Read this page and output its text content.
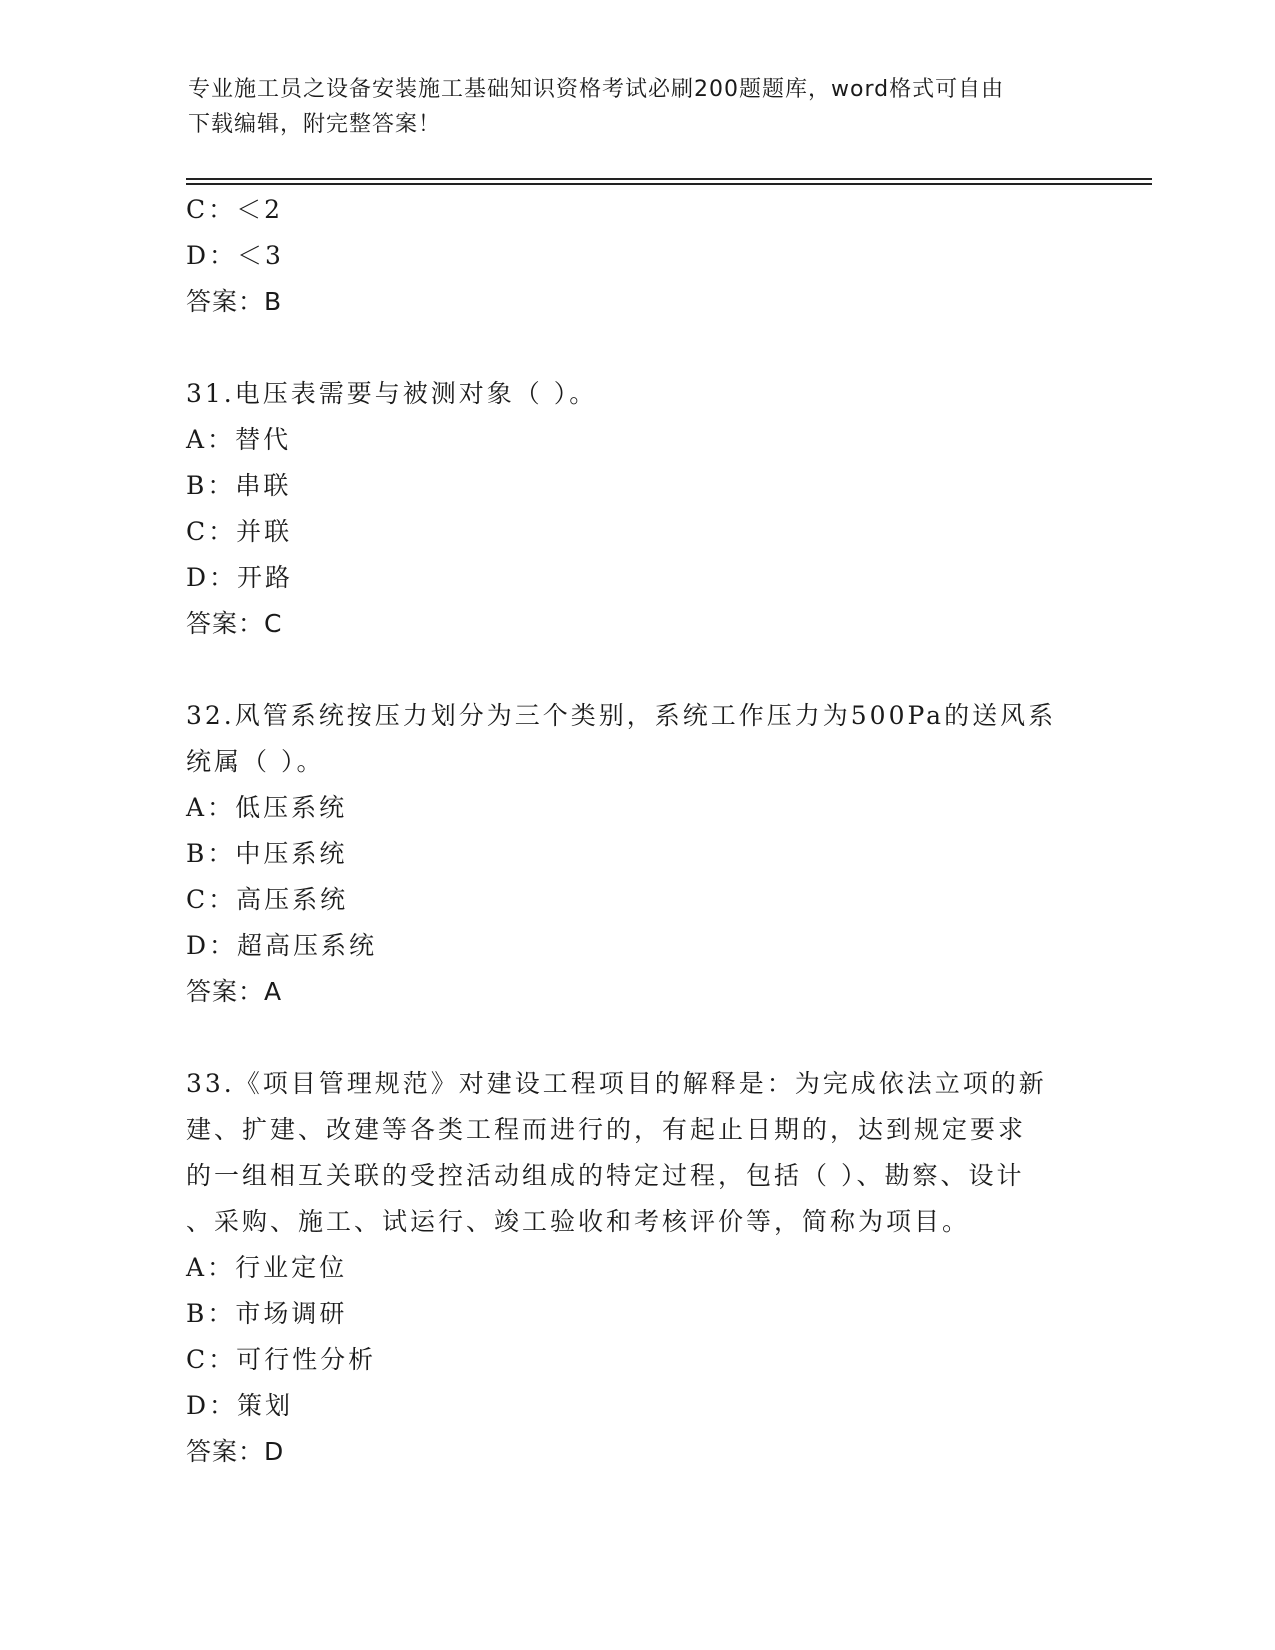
专业施工员之设备安装施工基础知识资格考试必刷200题题库，word格式可自由
下载编辑，附完整答案！
C：＜2
D：＜3
答案：B
31.电压表需要与被测对象（ ）。
A：替代
B：串联
C：并联
D：开路
答案：C
32.风管系统按压力划分为三个类别，系统工作压力为500Pa的送风系
统属（ ）。
A：低压系统
B：中压系统
C：高压系统
D：超高压系统
答案：A
33.《项目管理规范》对建设工程项目的解释是：为完成依法立项的新
建、扩建、改建等各类工程而进行的，有起止日期的，达到规定要求
的一组相互关联的受控活动组成的特定过程，包括（ ）、勘察、设计
、采购、施工、试运行、竣工验收和考核评价等，简称为项目。
A：行业定位
B：市场调研
C：可行性分析
D：策划
答案：D
